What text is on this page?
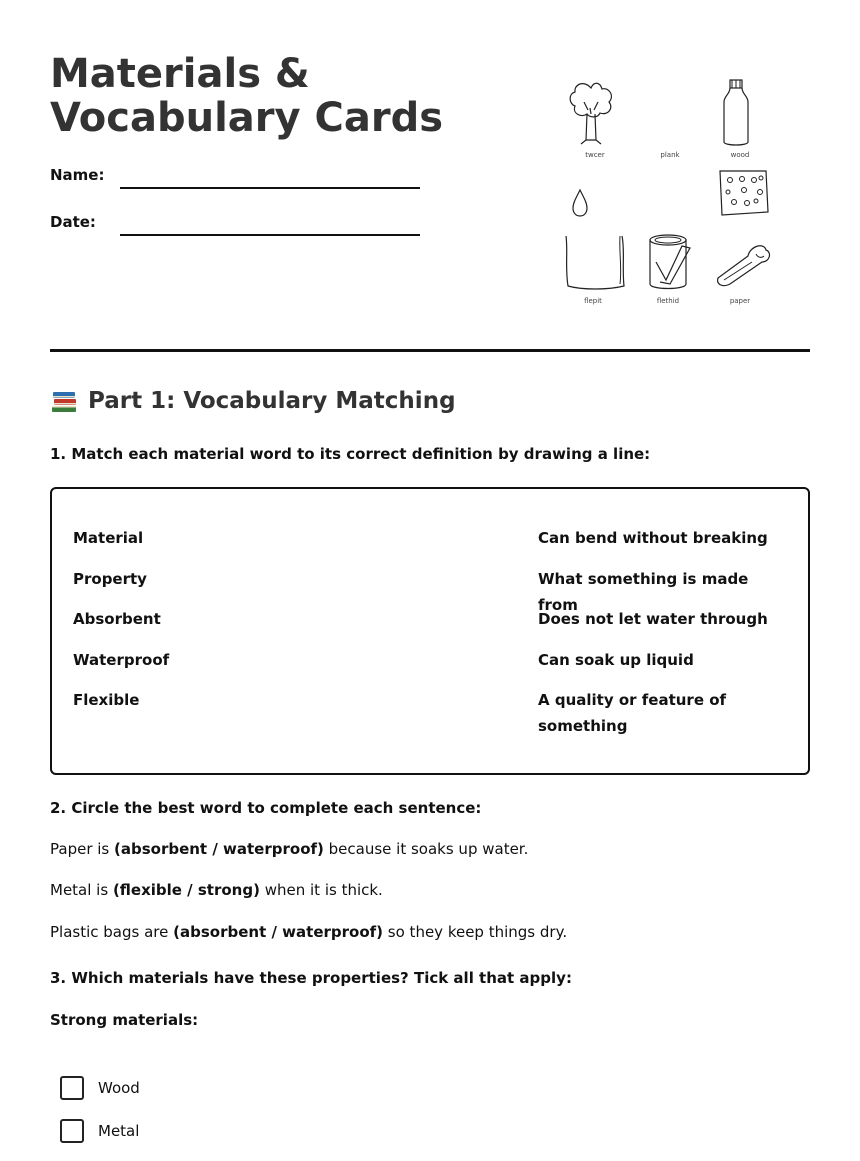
Materials & Vocabulary Cards
Name:
Date:
twcer	plank	wood
flepit	flethid	paper
Part 1: Vocabulary Matching
1. Match each material word to its correct definition by drawing a line:
Material
Property
Absorbent
Waterproof
Flexible
Can bend without breaking
What something is made from
Does not let water through
Can soak up liquid
A quality or feature of something
2. Circle the best word to complete each sentence:
Paper is (absorbent / waterproof) because it soaks up water.
Metal is (flexible / strong) when it is thick.
Plastic bags are (absorbent / waterproof) so they keep things dry.
3. Which materials have these properties? Tick all that apply:
Strong materials:
Wood
Metal
